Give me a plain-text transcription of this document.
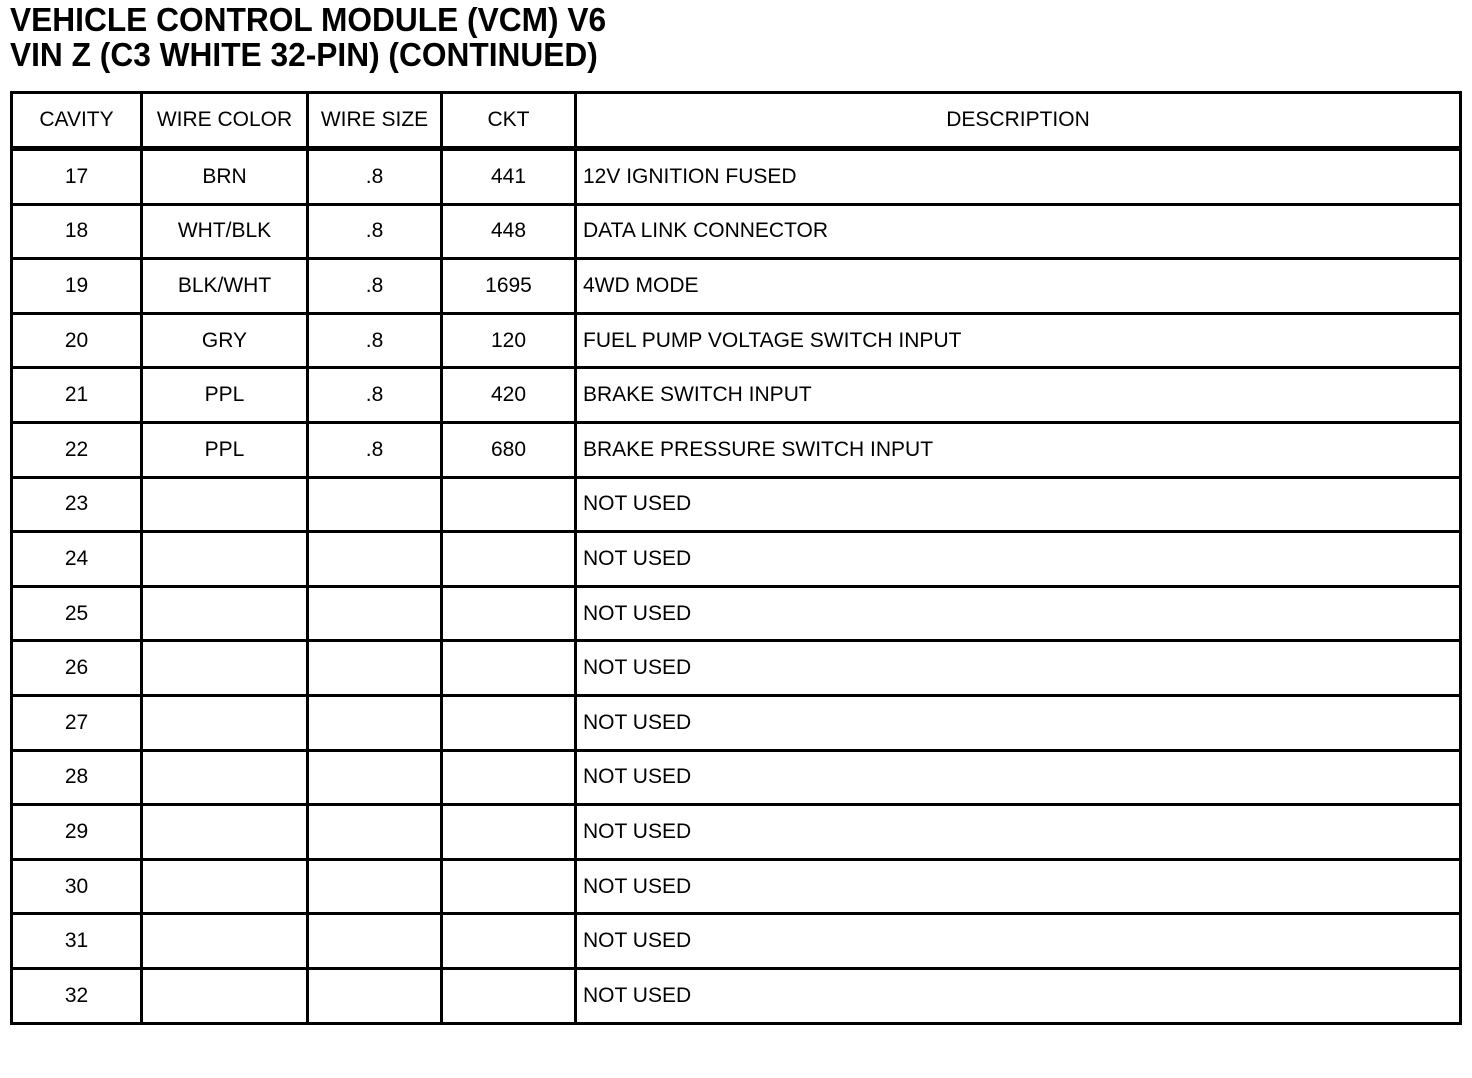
VEHICLE CONTROL MODULE (VCM) V6
VIN Z (C3 WHITE 32-PIN) (CONTINUED)
CAVITY	WIRE COLOR	WIRE SIZE	CKT	DESCRIPTION
17	BRN	.8	441	12V IGNITION FUSED
18	WHT/BLK	.8	448	DATA LINK CONNECTOR
19	BLK/WHT	.8	1695	4WD MODE
20	GRY	.8	120	FUEL PUMP VOLTAGE SWITCH INPUT
21	PPL	.8	420	BRAKE SWITCH INPUT
22	PPL	.8	680	BRAKE PRESSURE SWITCH INPUT
23				NOT USED
24				NOT USED
25				NOT USED
26				NOT USED
27				NOT USED
28				NOT USED
29				NOT USED
30				NOT USED
31				NOT USED
32				NOT USED
